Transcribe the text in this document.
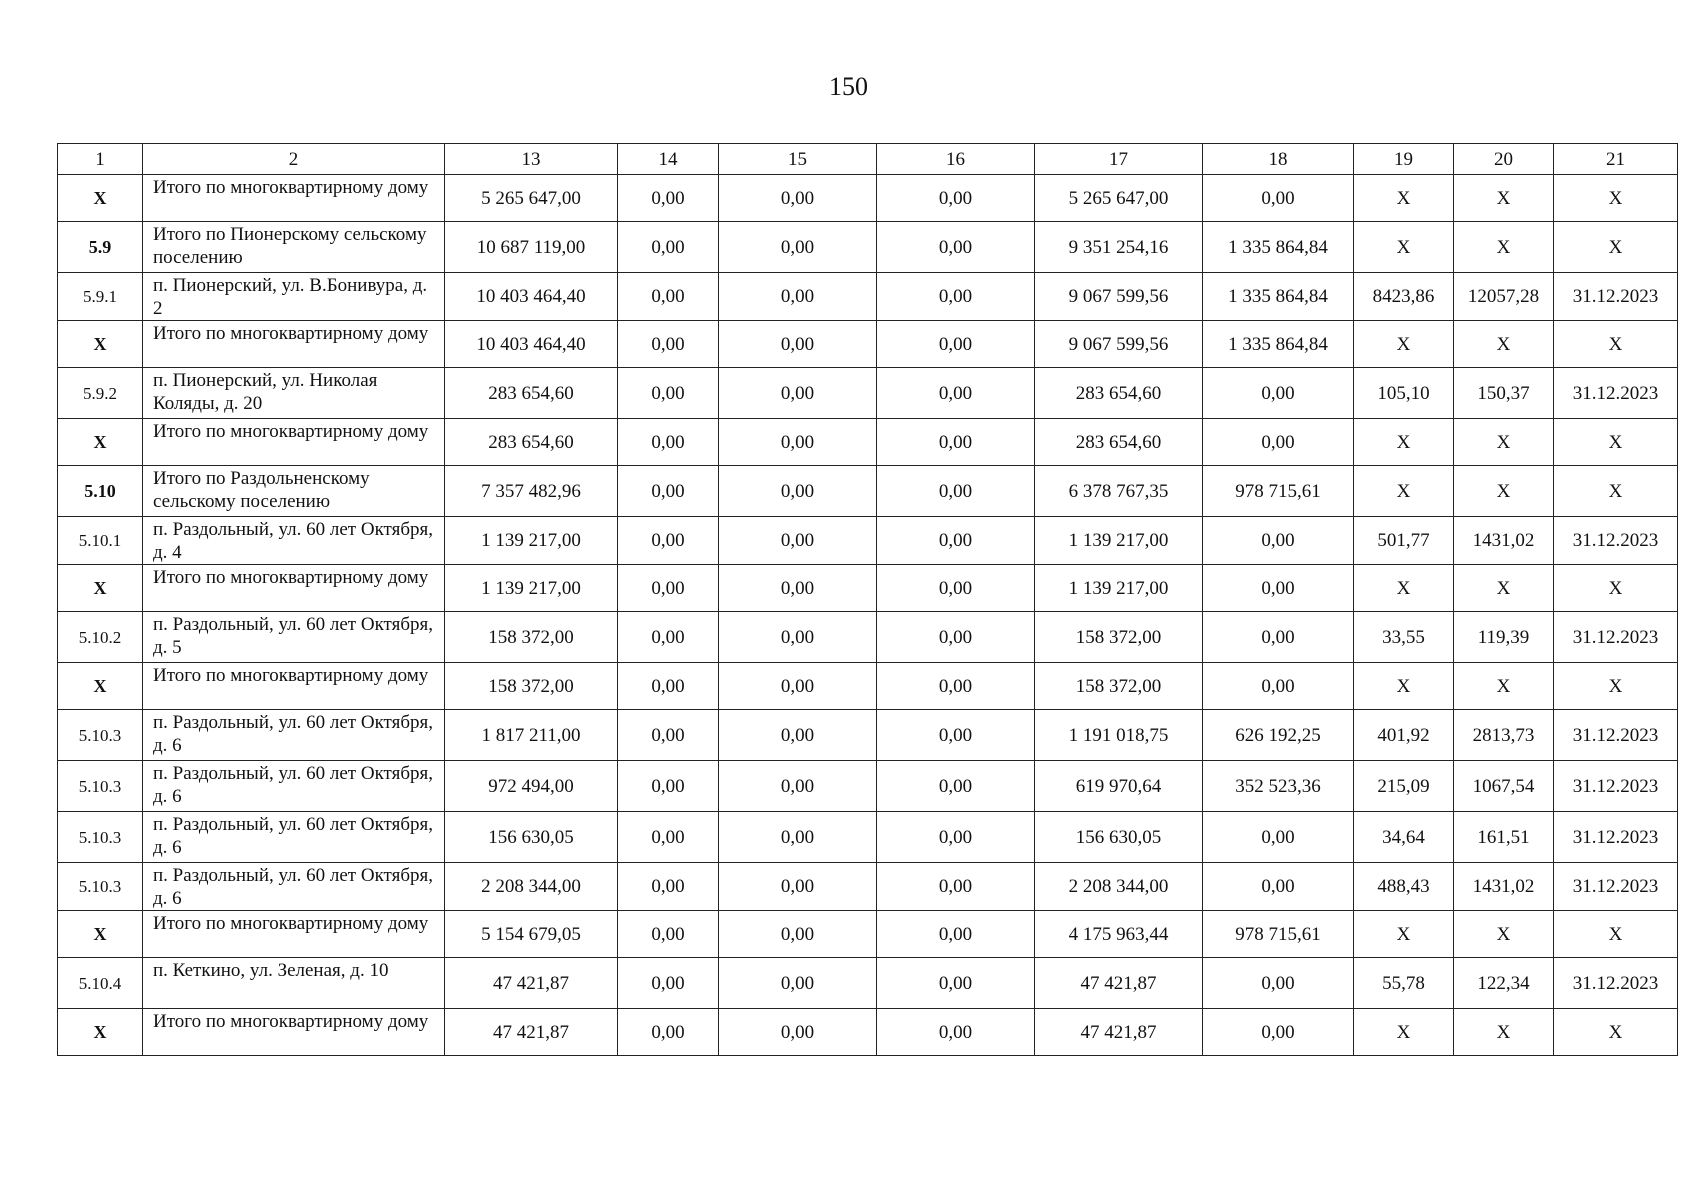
150
1	2	13	14	15	16	17	18	19	20	21
X	Итого по многоквартирному дому	5 265 647,00	0,00	0,00	0,00	5 265 647,00	0,00	X	X	X
5.9	Итого по Пионерскому сельскому поселению	10 687 119,00	0,00	0,00	0,00	9 351 254,16	1 335 864,84	X	X	X
5.9.1	п. Пионерский, ул. В.Бонивура, д. 2	10 403 464,40	0,00	0,00	0,00	9 067 599,56	1 335 864,84	8423,86	12057,28	31.12.2023
X	Итого по многоквартирному дому	10 403 464,40	0,00	0,00	0,00	9 067 599,56	1 335 864,84	X	X	X
5.9.2	п. Пионерский, ул. Николая Коляды, д. 20	283 654,60	0,00	0,00	0,00	283 654,60	0,00	105,10	150,37	31.12.2023
X	Итого по многоквартирному дому	283 654,60	0,00	0,00	0,00	283 654,60	0,00	X	X	X
5.10	Итого по Раздольненскому сельскому поселению	7 357 482,96	0,00	0,00	0,00	6 378 767,35	978 715,61	X	X	X
5.10.1	п. Раздольный, ул. 60 лет Октября, д. 4	1 139 217,00	0,00	0,00	0,00	1 139 217,00	0,00	501,77	1431,02	31.12.2023
X	Итого по многоквартирному дому	1 139 217,00	0,00	0,00	0,00	1 139 217,00	0,00	X	X	X
5.10.2	п. Раздольный, ул. 60 лет Октября, д. 5	158 372,00	0,00	0,00	0,00	158 372,00	0,00	33,55	119,39	31.12.2023
X	Итого по многоквартирному дому	158 372,00	0,00	0,00	0,00	158 372,00	0,00	X	X	X
5.10.3	п. Раздольный, ул. 60 лет Октября, д. 6	1 817 211,00	0,00	0,00	0,00	1 191 018,75	626 192,25	401,92	2813,73	31.12.2023
5.10.3	п. Раздольный, ул. 60 лет Октября, д. 6	972 494,00	0,00	0,00	0,00	619 970,64	352 523,36	215,09	1067,54	31.12.2023
5.10.3	п. Раздольный, ул. 60 лет Октября, д. 6	156 630,05	0,00	0,00	0,00	156 630,05	0,00	34,64	161,51	31.12.2023
5.10.3	п. Раздольный, ул. 60 лет Октября, д. 6	2 208 344,00	0,00	0,00	0,00	2 208 344,00	0,00	488,43	1431,02	31.12.2023
X	Итого по многоквартирному дому	5 154 679,05	0,00	0,00	0,00	4 175 963,44	978 715,61	X	X	X
5.10.4	п. Кеткино, ул. Зеленая, д. 10	47 421,87	0,00	0,00	0,00	47 421,87	0,00	55,78	122,34	31.12.2023
X	Итого по многоквартирному дому	47 421,87	0,00	0,00	0,00	47 421,87	0,00	X	X	X
